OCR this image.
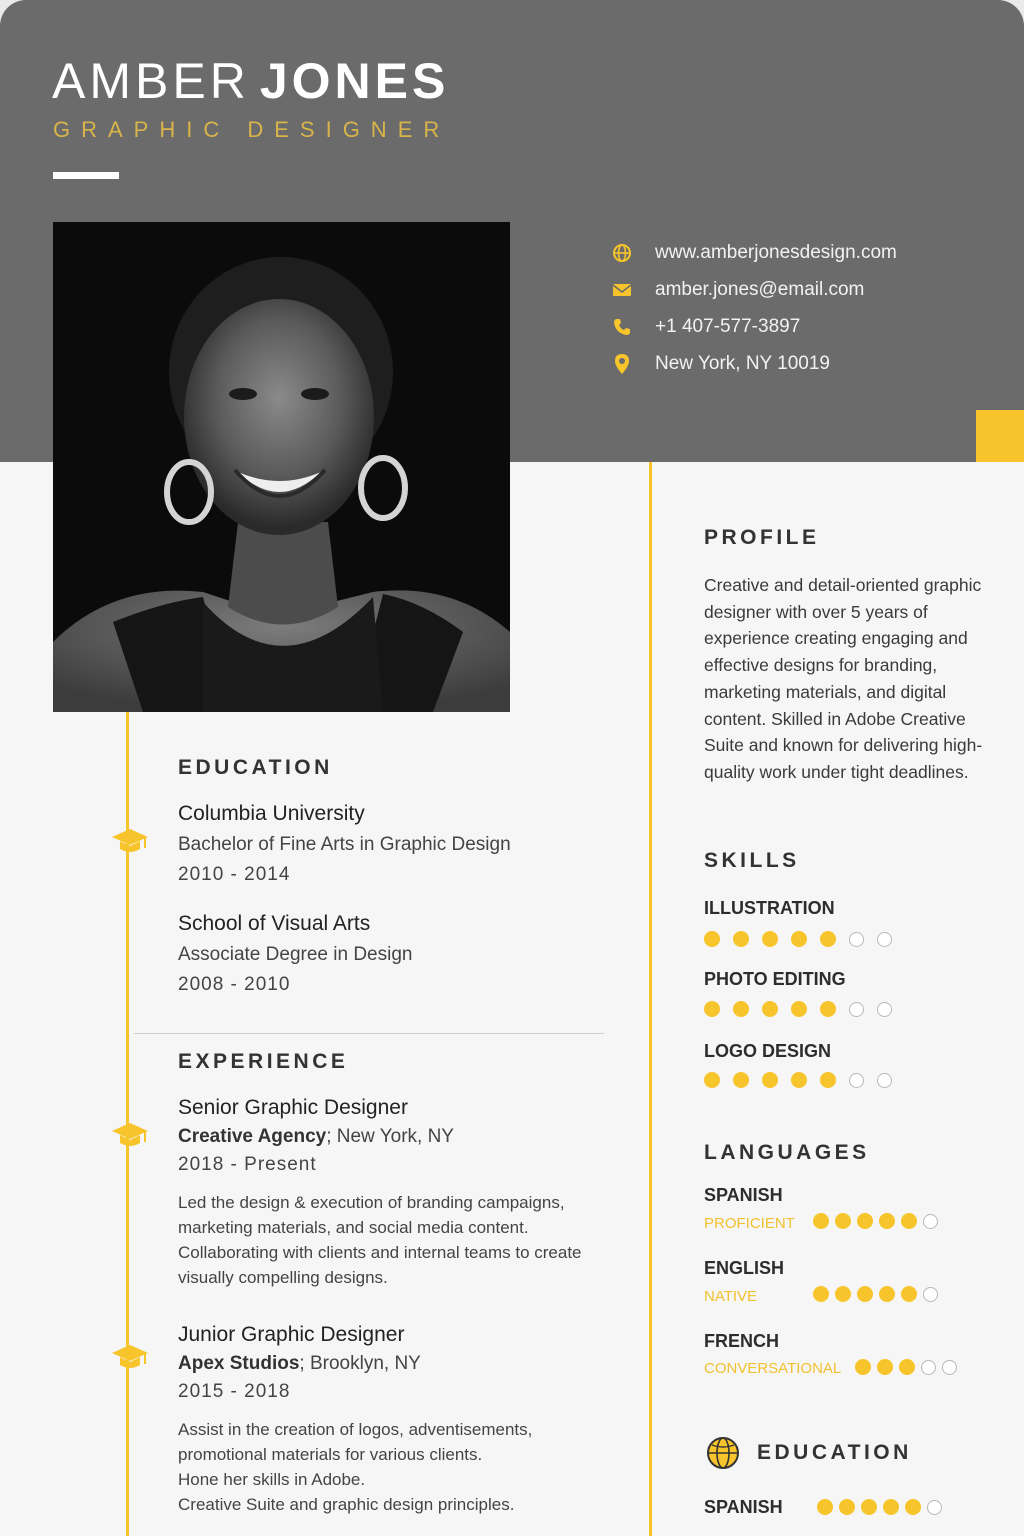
AMBER JONES
GRAPHIC DESIGNER
www.amberjonesdesign.com
amber.jones@email.com
+1 407-577-3897
New York, NY 10019
EDUCATION
Columbia University
Bachelor of Fine Arts in Graphic Design
2010 - 2014
School of Visual Arts
Associate Degree in Design
2008 - 2010
EXPERIENCE
Senior Graphic Designer
Creative Agency; New York, NY
2018 - Present
Led the design & execution of branding campaigns, marketing materials, and social media content. Collaborating with clients and internal teams to create visually compelling designs.
Junior Graphic Designer
Apex Studios; Brooklyn, NY
2015 - 2018
Assist in the creation of logos, adventisements,
promotional materials for various clients.
Hone her skills in Adobe.
Creative Suite and graphic design principles.
PROFILE
Creative and detail-oriented graphic designer with over 5 years of experience creating engaging and effective designs for branding, marketing materials, and digital content. Skilled in Adobe Creative Suite and known for delivering high-quality work under tight deadlines.
SKILLS
ILLUSTRATION
PHOTO EDITING
LOGO DESIGN
LANGUAGES
SPANISH
PROFICIENT
ENGLISH
NATIVE
FRENCH
CONVERSATIONAL
EDUCATION
SPANISH
